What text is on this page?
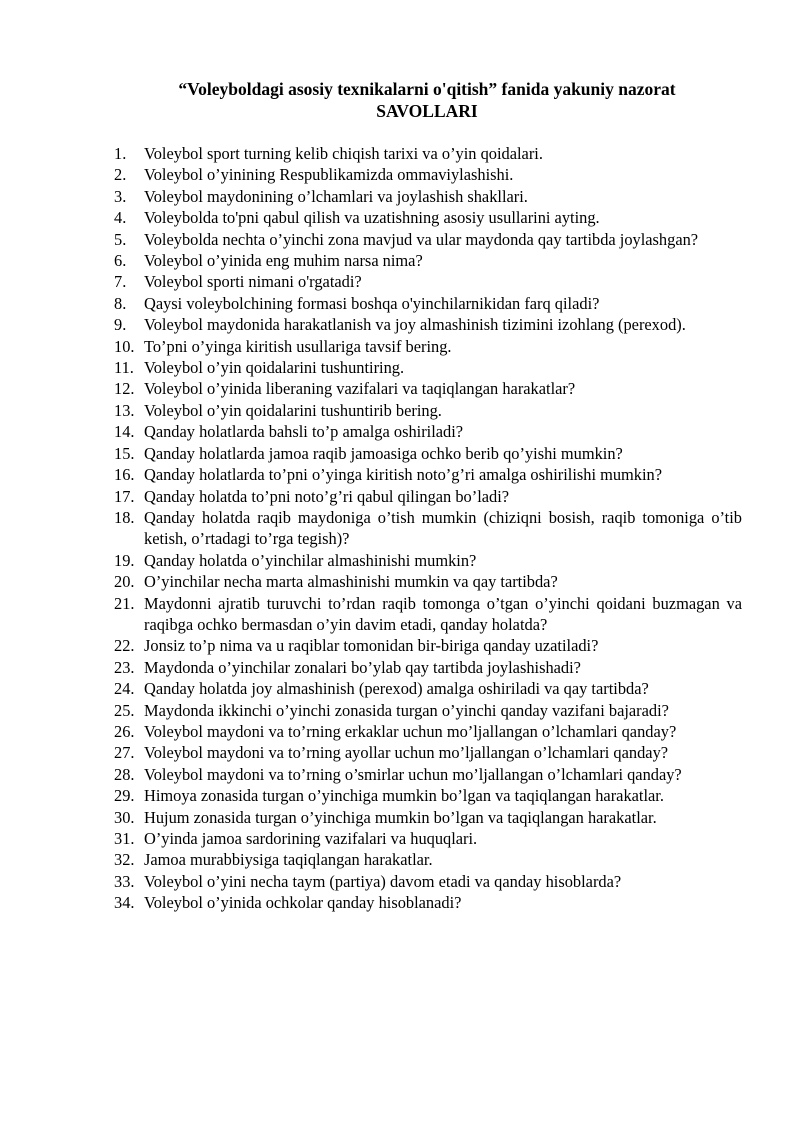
“Voleyboldagi asosiy texnikalarni o'qitish” fanida yakuniy nazorat
SAVOLLARI
1. Voleybol sport turning kelib chiqish tarixi va o’yin qoidalari.
2. Voleybol o’yinining Respublikamizda ommaviylashishi.
3. Voleybol maydonining o’lchamlari va joylashish shakllari.
4. Voleybolda to'pni qabul qilish va uzatishning asosiy usullarini ayting.
5. Voleybolda nechta o’yinchi zona mavjud va ular maydonda qay tartibda joylashgan?
6. Voleybol o’yinida eng muhim narsa nima?
7. Voleybol sporti nimani o'rgatadi?
8. Qaysi voleybolchining formasi boshqa o'yinchilarnikidan farq qiladi?
9. Voleybol maydonida harakatlanish va joy almashinish tizimini izohlang (perexod).
10. To’pni o’yinga kiritish usullariga tavsif bering.
11. Voleybol o’yin qoidalarini tushuntiring.
12. Voleybol o’yinida liberaning vazifalari va taqiqlangan harakatlar?
13. Voleybol o’yin qoidalarini tushuntirib bering.
14. Qanday holatlarda bahsli to’p amalga oshiriladi?
15. Qanday holatlarda jamoa raqib jamoasiga ochko berib qo’yishi mumkin?
16. Qanday holatlarda to’pni o’yinga kiritish noto’g’ri amalga oshirilishi mumkin?
17. Qanday holatda to’pni noto’g’ri qabul qilingan bo’ladi?
18. Qanday holatda raqib maydoniga o’tish mumkin (chiziqni bosish, raqib tomoniga o’tib ketish, o’rtadagi to’rga tegish)?
19. Qanday holatda o’yinchilar almashinishi mumkin?
20. O’yinchilar necha marta almashinishi mumkin va qay tartibda?
21. Maydonni ajratib turuvchi to’rdan raqib tomonga o’tgan o’yinchi qoidani buzmagan va raqibga ochko bermasdan o’yin davim etadi, qanday holatda?
22. Jonsiz to’p nima va u raqiblar tomonidan bir-biriga qanday uzatiladi?
23. Maydonda o’yinchilar zonalari bo’ylab qay tartibda joylashishadi?
24. Qanday holatda joy almashinish (perexod) amalga oshiriladi va qay tartibda?
25. Maydonda ikkinchi o’yinchi zonasida turgan o’yinchi qanday vazifani bajaradi?
26. Voleybol maydoni va to’rning erkaklar uchun mo’ljallangan o’lchamlari qanday?
27. Voleybol maydoni va to’rning ayollar uchun mo’ljallangan o’lchamlari qanday?
28. Voleybol maydoni va to’rning o’smirlar uchun mo’ljallangan o’lchamlari qanday?
29. Himoya zonasida turgan o’yinchiga mumkin bo’lgan va taqiqlangan harakatlar.
30. Hujum zonasida turgan o’yinchiga mumkin bo’lgan va taqiqlangan harakatlar.
31. O’yinda jamoa sardorining vazifalari va huquqlari.
32. Jamoa murabbiysiga taqiqlangan harakatlar.
33. Voleybol o’yini necha taym (partiya) davom etadi va qanday hisoblarda?
34. Voleybol o’yinida ochkolar qanday hisoblanadi?
